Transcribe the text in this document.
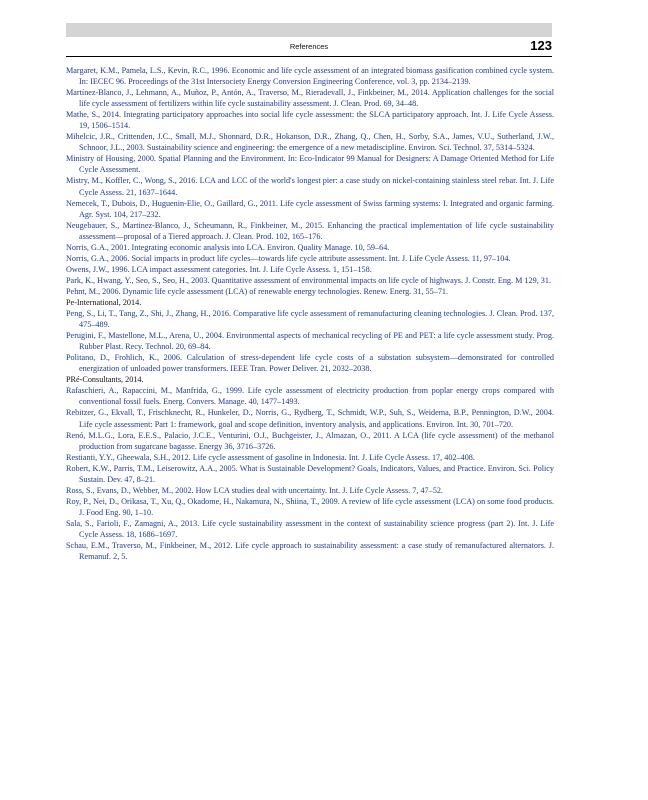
References	123
Margaret, K.M., Pamela, L.S., Kevin, R.C., 1996. Economic and life cycle assessment of an integrated biomass gasification combined cycle system. In: IECEC 96. Proceedings of the 31st Intersociety Energy Conversion Engineering Conference, vol. 3, pp. 2134–2139.
Martínez-Blanco, J., Lehmann, A., Muñoz, P., Antón, A., Traverso, M., Rieradevall, J., Finkbeiner, M., 2014. Application challenges for the social life cycle assessment of fertilizers within life cycle sustainability assessment. J. Clean. Prod. 69, 34–48.
Mathe, S., 2014. Integrating participatory approaches into social life cycle assessment: the SLCA participatory approach. Int. J. Life Cycle Assess. 19, 1506–1514.
Mihelcic, J.R., Crittenden, J.C., Small, M.J., Shonnard, D.R., Hokanson, D.R., Zhang, Q., Chen, H., Sorby, S.A., James, V.U., Sutherland, J.W., Schnoor, J.L., 2003. Sustainability science and engineering: the emergence of a new metadiscipline. Environ. Sci. Technol. 37, 5314–5324.
Ministry of Housing, 2000. Spatial Planning and the Environment. In: Eco-Indicator 99 Manual for Designers: A Damage Oriented Method for Life Cycle Assessment.
Mistry, M., Koffler, C., Wong, S., 2016. LCA and LCC of the world's longest pier: a case study on nickel-containing stainless steel rebar. Int. J. Life Cycle Assess. 21, 1637–1644.
Nemecek, T., Dubois, D., Huguenin-Elie, O., Gaillard, G., 2011. Life cycle assessment of Swiss farming systems: I. Integrated and organic farming. Agr. Syst. 104, 217–232.
Neugebauer, S., Martinez-Blanco, J., Scheumann, R., Finkbeiner, M., 2015. Enhancing the practical implementation of life cycle sustainability assessment—proposal of a Tiered approach. J. Clean. Prod. 102, 165–176.
Norris, G.A., 2001. Integrating economic analysis into LCA. Environ. Quality Manage. 10, 59–64.
Norris, G.A., 2006. Social impacts in product life cycles—towards life cycle attribute assessment. Int. J. Life Cycle Assess. 11, 97–104.
Owens, J.W., 1996. LCA impact assessment categories. Int. J. Life Cycle Assess. 1, 151–158.
Park, K., Hwang, Y., Seo, S., Seo, H., 2003. Quantitative assessment of environmental impacts on life cycle of highways. J. Constr. Eng. M 129, 31.
Pehnt, M., 2006. Dynamic life cycle assessment (LCA) of renewable energy technologies. Renew. Energ. 31, 55–71.
Pe-International, 2014.
Peng, S., Li, T., Tang, Z., Shi, J., Zhang, H., 2016. Comparative life cycle assessment of remanufacturing cleaning technologies. J. Clean. Prod. 137, 475–489.
Perugini, F., Mastellone, M.L., Arena, U., 2004. Environmental aspects of mechanical recycling of PE and PET: a life cycle assessment study. Prog. Rubber Plast. Recy. Technol. 20, 69–84.
Politano, D., Frohlich, K., 2006. Calculation of stress-dependent life cycle costs of a substation subsystem—demonstrated for controlled energization of unloaded power transformers. IEEE Tran. Power Deliver. 21, 2032–2038.
PRé-Consultants, 2014.
Rafaschieri, A., Rapaccini, M., Manfrida, G., 1999. Life cycle assessment of electricity production from poplar energy crops compared with conventional fossil fuels. Energ. Convers. Manage. 40, 1477–1493.
Rebitzer, G., Ekvall, T., Frischknecht, R., Hunkeler, D., Norris, G., Rydberg, T., Schmidt, W.P., Suh, S., Weidema, B.P., Pennington, D.W., 2004. Life cycle assessment: Part 1: framework, goal and scope definition, inventory analysis, and applications. Environ. Int. 30, 701–720.
Renó, M.L.G., Lora, E.E.S., Palacio, J.C.E., Venturini, O.J., Buchgeister, J., Almazan, O., 2011. A LCA (life cycle assessment) of the methanol production from sugarcane bagasse. Energy 36, 3716–3726.
Restianti, Y.Y., Gheewala, S.H., 2012. Life cycle assessment of gasoline in Indonesia. Int. J. Life Cycle Assess. 17, 402–408.
Robert, K.W., Parris, T.M., Leiserowitz, A.A., 2005. What is Sustainable Development? Goals, Indicators, Values, and Practice. Environ. Sci. Policy Sustain. Dev. 47, 8–21.
Ross, S., Evans, D., Webber, M., 2002. How LCA studies deal with uncertainty. Int. J. Life Cycle Assess. 7, 47–52.
Roy, P., Nei, D., Orikasa, T., Xu, Q., Okadome, H., Nakamura, N., Shiina, T., 2009. A review of life cycle assessment (LCA) on some food products. J. Food Eng. 90, 1–10.
Sala, S., Farioli, F., Zamagni, A., 2013. Life cycle sustainability assessment in the context of sustainability science progress (part 2). Int. J. Life Cycle Assess. 18, 1686–1697.
Schau, E.M., Traverso, M., Finkbeiner, M., 2012. Life cycle approach to sustainability assessment: a case study of remanufactured alternators. J. Remanuf. 2, 5.
